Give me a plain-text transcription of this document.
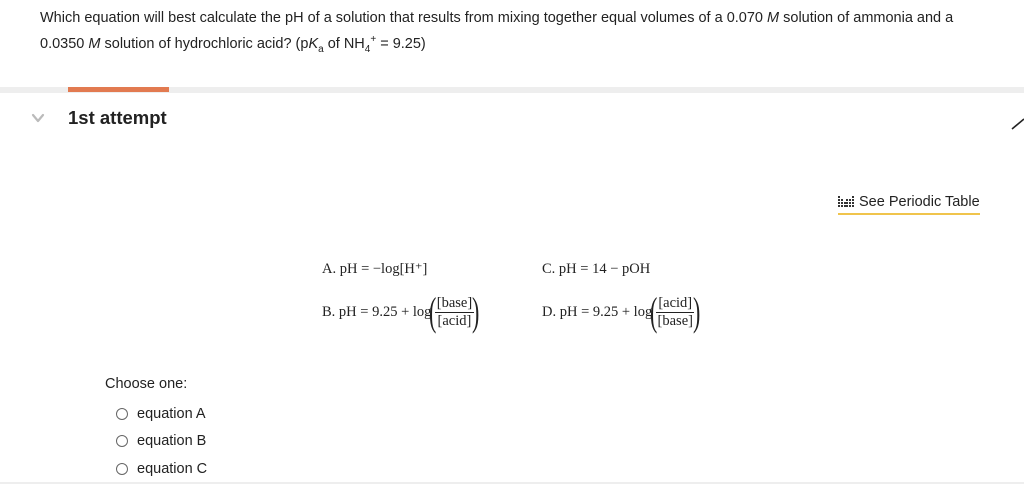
Which equation will best calculate the pH of a solution that results from mixing together equal volumes of a 0.070 M solution of ammonia and a
0.0350 M solution of hydrochloric acid? ($pK_a$ of $NH_4^+ = 9.25$)
1st attempt
See Periodic Table
A. pH = −log[H⁺]	C. pH = 14 − pOH
B. pH = 9.25 + log
(
$\frac{\text{[base]}}{\text{[acid]}}$
)	D. pH = 9.25 + log
(
$\frac{\text{[acid]}}{\text{[base]}}$
)
Choose one:
equation A
equation B
equation C
